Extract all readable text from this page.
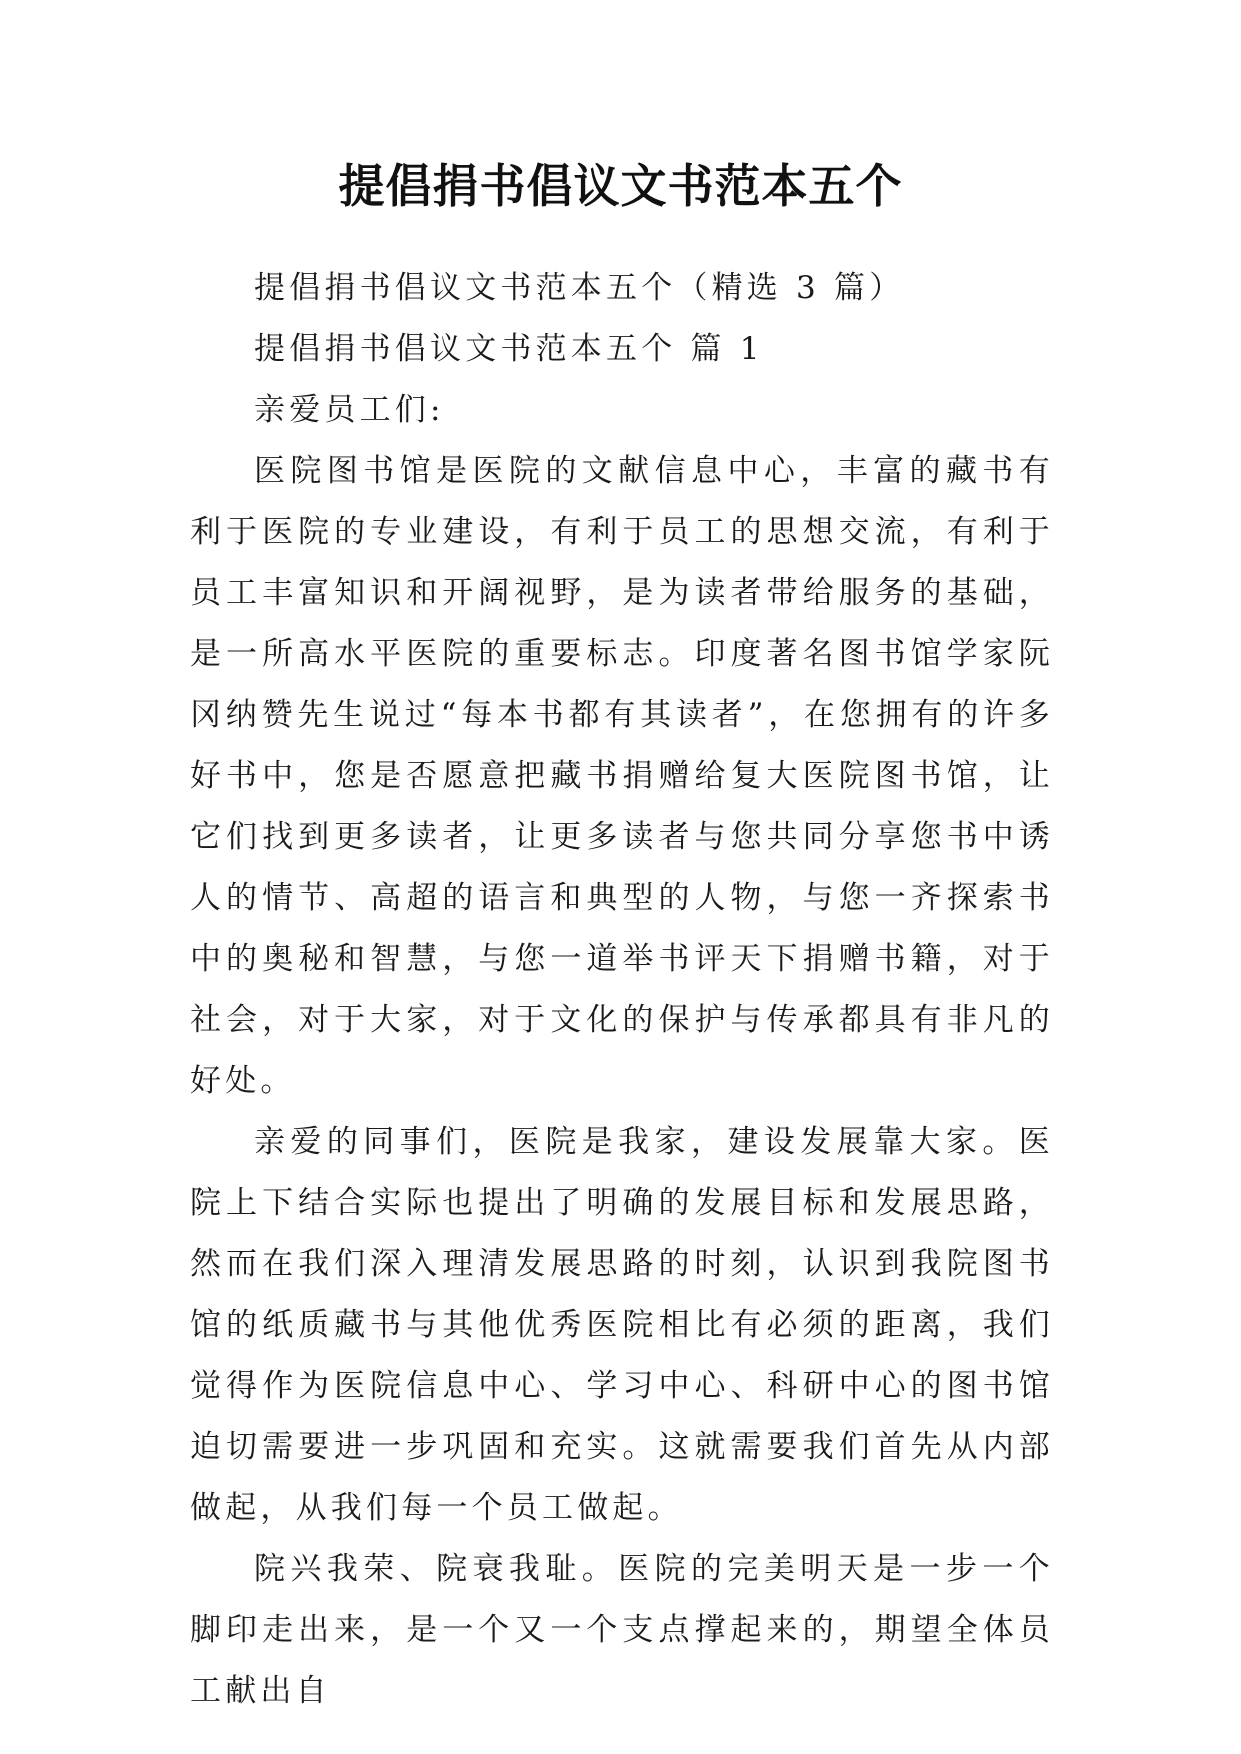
提倡捐书倡议文书范本五个

提倡捐书倡议文书范本五个（精选 3 篇）

提倡捐书倡议文书范本五个 篇 1

亲爱员工们:

医院图书馆是医院的文献信息中心，丰富的藏书有利于医院的专业建设，有利于员工的思想交流，有利于员工丰富知识和开阔视野，是为读者带给服务的基础，是一所高水平医院的重要标志。印度著名图书馆学家阮冈纳赞先生说过“每本书都有其读者”，在您拥有的许多好书中，您是否愿意把藏书捐赠给复大医院图书馆，让它们找到更多读者，让更多读者与您共同分享您书中诱人的情节、高超的语言和典型的人物，与您一齐探索书中的奥秘和智慧，与您一道举书评天下捐赠书籍，对于社会，对于大家，对于文化的保护与传承都具有非凡的好处。

亲爱的同事们，医院是我家，建设发展靠大家。医院上下结合实际也提出了明确的发展目标和发展思路，然而在我们深入理清发展思路的时刻，认识到我院图书馆的纸质藏书与其他优秀医院相比有必须的距离，我们觉得作为医院信息中心、学习中心、科研中心的图书馆迫切需要进一步巩固和充实。这就需要我们首先从内部做起，从我们每一个员工做起。

院兴我荣、院衰我耻。医院的完美明天是一步一个脚印走出来，是一个又一个支点撑起来的，期望全体员工献出自
